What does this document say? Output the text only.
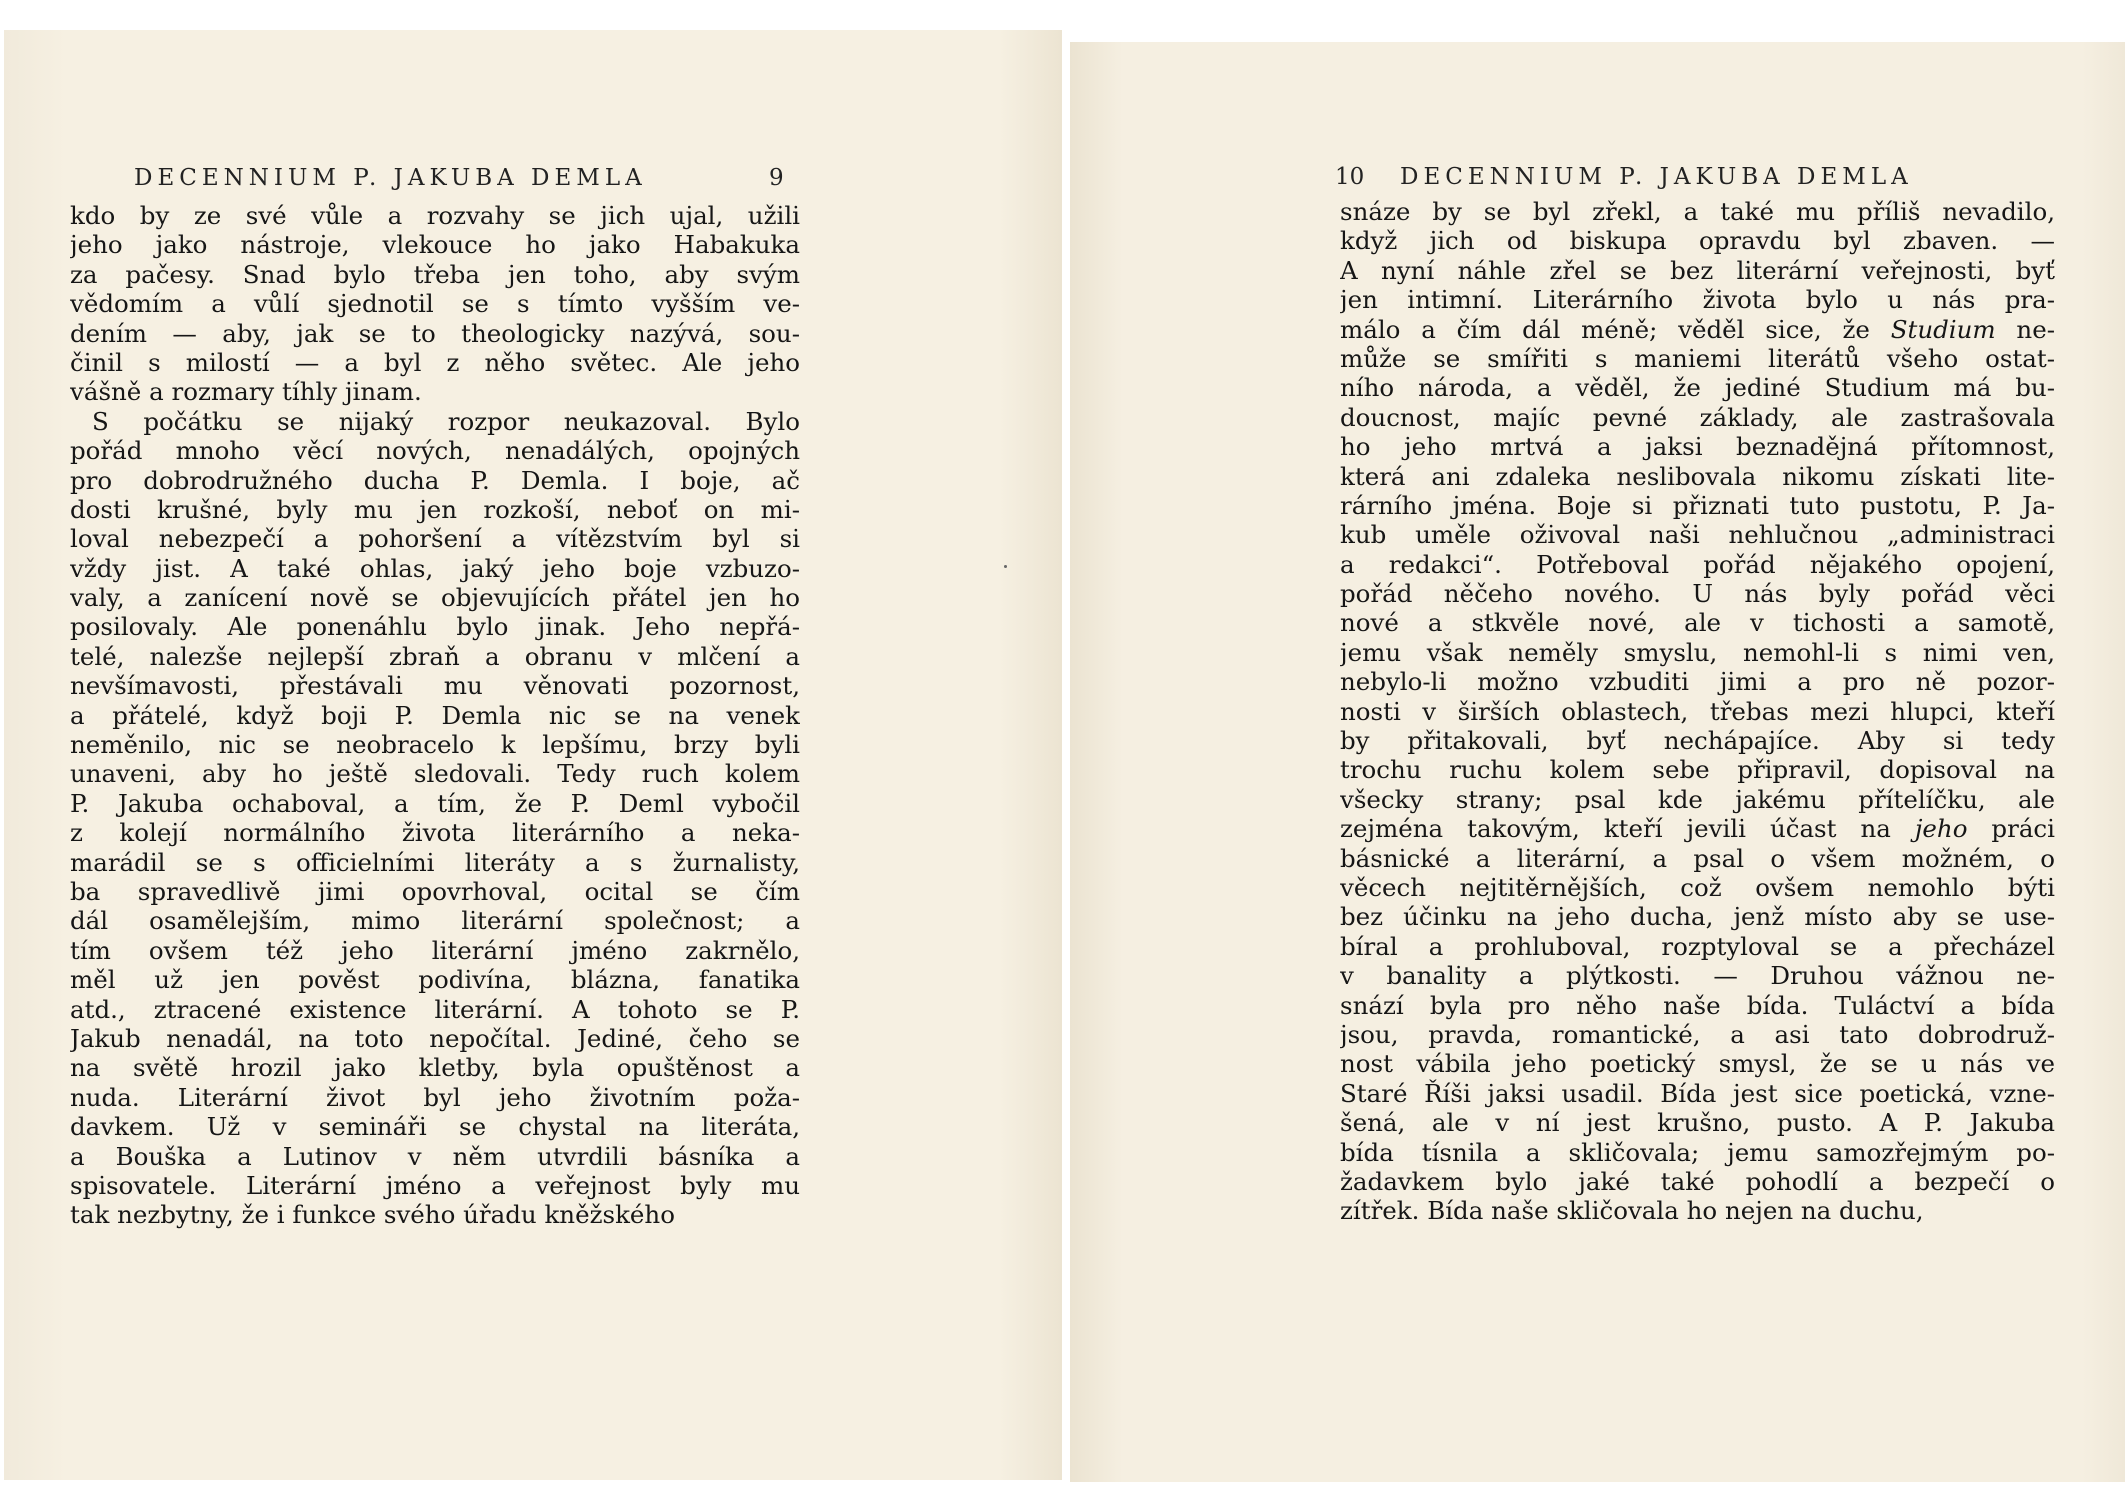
DECENNIUM P. JAKUBA DEMLA	9
kdo by ze své vůle a rozvahy se jich ujal, užili
jeho jako nástroje, vlekouce ho jako Habakuka
za pačesy. Snad bylo třeba jen toho, aby svým
vědomím a vůlí sjednotil se s tímto vyšším ve-
dením — aby, jak se to theologicky nazývá, sou-
činil s milostí — a byl z něho světec. Ale jeho
vášně a rozmary tíhly jinam.
S počátku se nijaký rozpor neukazoval. Bylo
pořád mnoho věcí nových, nenadálých, opojných
pro dobrodružného ducha P. Demla. I boje, ač
dosti krušné, byly mu jen rozkoší, neboť on mi-
loval nebezpečí a pohoršení a vítězstvím byl si
vždy jist. A také ohlas, jaký jeho boje vzbuzo-
valy, a zanícení nově se objevujících přátel jen ho
posilovaly. Ale ponenáhlu bylo jinak. Jeho nepřá-
telé, nalezše nejlepší zbraň a obranu v mlčení a
nevšímavosti, přestávali mu věnovati pozornost,
a přátelé, když boji P. Demla nic se na venek
neměnilo, nic se neobracelo k lepšímu, brzy byli
unaveni, aby ho ještě sledovali. Tedy ruch kolem
P. Jakuba ochaboval, a tím, že P. Deml vybočil
z kolejí normálního života literárního a neka-
marádil se s officielními literáty a s žurnalisty,
ba spravedlivě jimi opovrhoval, ocital se čím
dál osamělejším, mimo literární společnost; a
tím ovšem též jeho literární jméno zakrnělo,
měl už jen pověst podivína, blázna, fanatika
atd., ztracené existence literární. A tohoto se P.
Jakub nenadál, na toto nepočítal. Jediné, čeho se
na světě hrozil jako kletby, byla opuštěnost a
nuda. Literární život byl jeho životním poža-
davkem. Už v semináři se chystal na literáta,
a Bouška a Lutinov v něm utvrdili básníka a
spisovatele. Literární jméno a veřejnost byly mu
tak nezbytny, že i funkce svého úřadu kněžského
10 DECENNIUM P. JAKUBA DEMLA
snáze by se byl zřekl, a také mu příliš nevadilo,
když jich od biskupa opravdu byl zbaven. —
A nyní náhle zřel se bez literární veřejnosti, byť
jen intimní. Literárního života bylo u nás pra-
málo a čím dál méně; věděl sice, že Studium ne-
může se smířiti s maniemi literátů všeho ostat-
ního národa, a věděl, že jediné Studium má bu-
doucnost, majíc pevné základy, ale zastrašovala
ho jeho mrtvá a jaksi beznadějná přítomnost,
která ani zdaleka neslibovala nikomu získati lite-
rárního jména. Boje si přiznati tuto pustotu, P. Ja-
kub uměle oživoval naši nehlučnou „administraci
a redakci“. Potřeboval pořád nějakého opojení,
pořád něčeho nového. U nás byly pořád věci
nové a stkvěle nové, ale v tichosti a samotě,
jemu však neměly smyslu, nemohl-li s nimi ven,
nebylo-li možno vzbuditi jimi a pro ně pozor-
nosti v širších oblastech, třebas mezi hlupci, kteří
by přitakovali, byť nechápajíce. Aby si tedy
trochu ruchu kolem sebe připravil, dopisoval na
všecky strany; psal kde jakému přítelíčku, ale
zejména takovým, kteří jevili účast na jeho práci
básnické a literární, a psal o všem možném, o
věcech nejtitěrnějších, což ovšem nemohlo býti
bez účinku na jeho ducha, jenž místo aby se use-
bíral a prohluboval, rozptyloval se a přecházel
v banality a plýtkosti. — Druhou vážnou ne-
snází byla pro něho naše bída. Tuláctví a bída
jsou, pravda, romantické, a asi tato dobrodruž-
nost vábila jeho poetický smysl, že se u nás ve
Staré Říši jaksi usadil. Bída jest sice poetická, vzne-
šená, ale v ní jest krušno, pusto. A P. Jakuba
bída tísnila a skličovala; jemu samozřejmým po-
žadavkem bylo jaké také pohodlí a bezpečí o
zítřek. Bída naše skličovala ho nejen na duchu,
